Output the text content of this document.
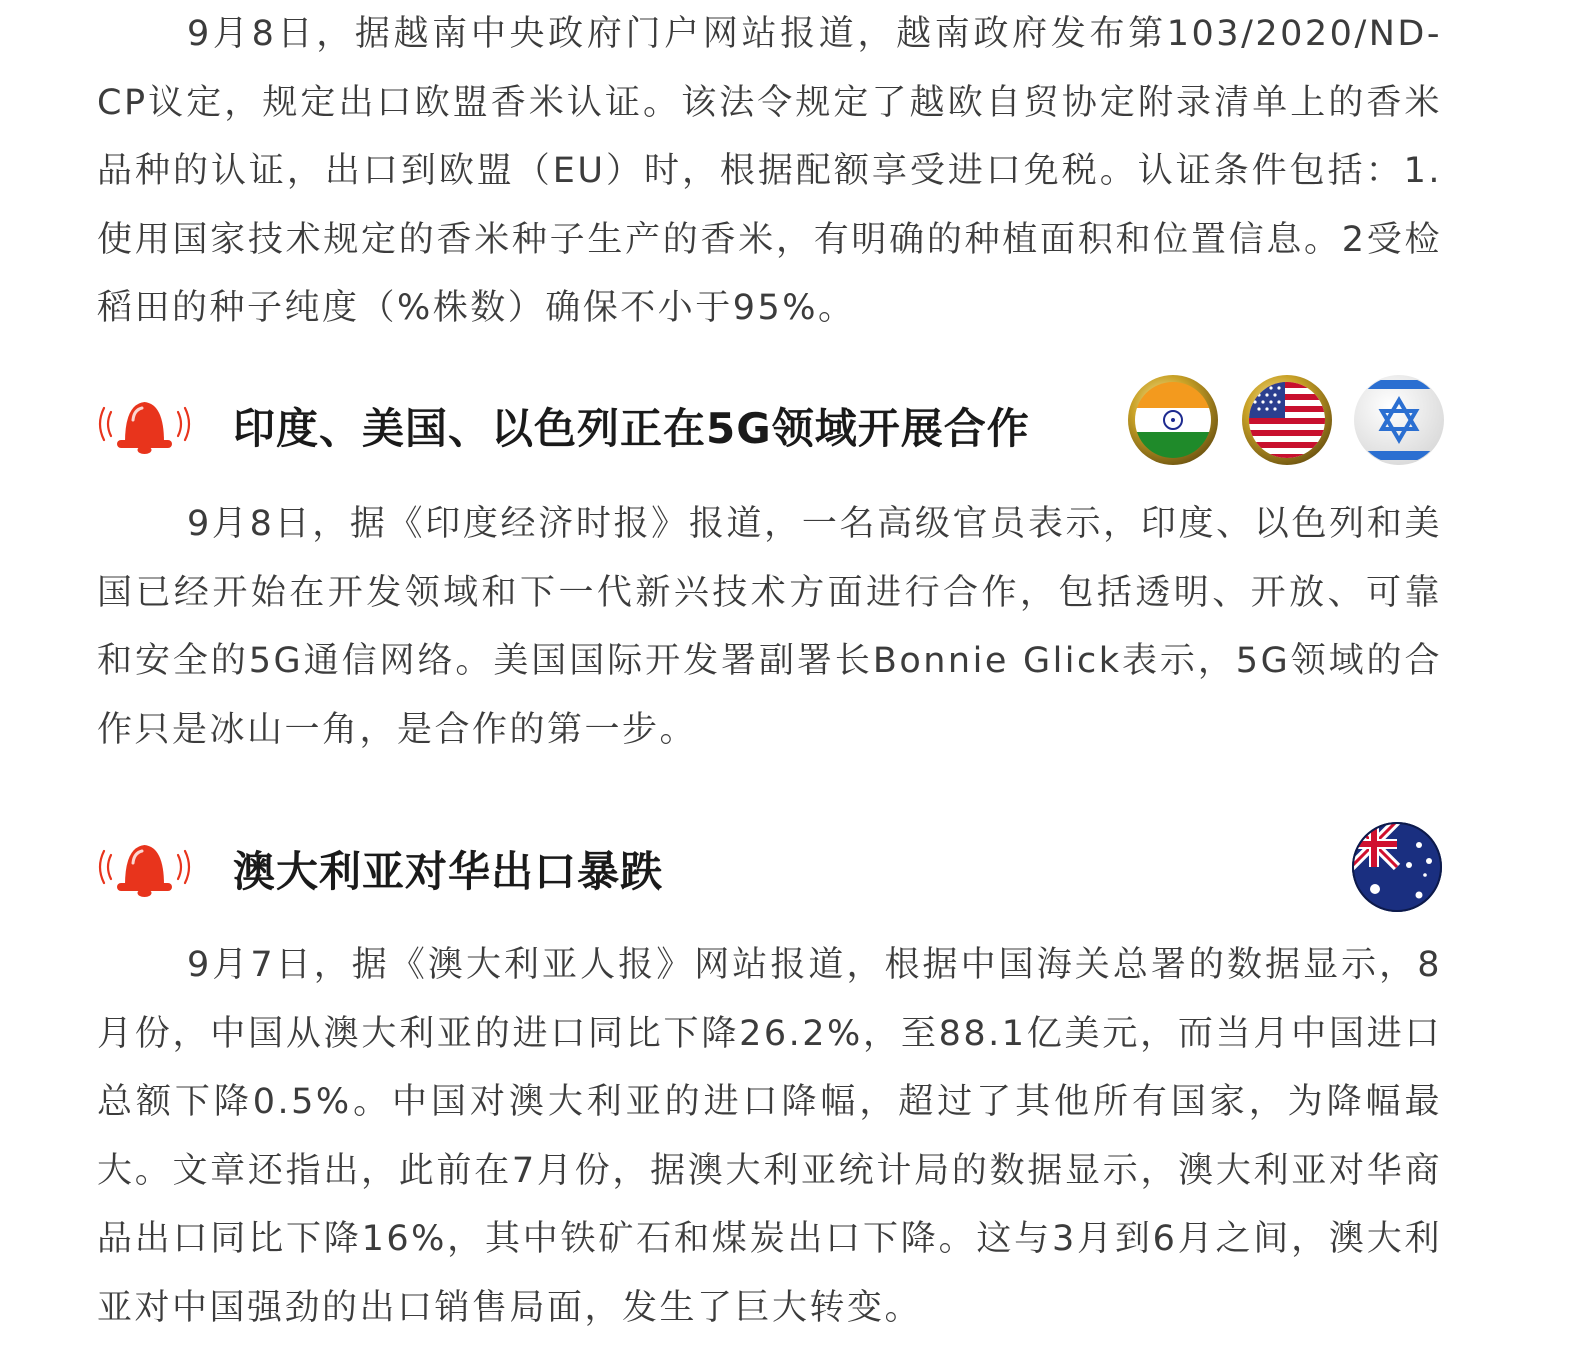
9月8日，据越南中央政府门户网站报道，越南政府发布第103/2020/ND-CP议定，规定出口欧盟香米认证。该法令规定了越欧自贸协定附录清单上的香米品种的认证，出口到欧盟（EU）时，根据配额享受进口免税。认证条件包括：1.使用国家技术规定的香米种子生产的香米，有明确的种植面积和位置信息。2受检稻田的种子纯度（%株数）确保不小于95%。

印度、美国、以色列正在5G领域开展合作

9月8日，据《印度经济时报》报道，一名高级官员表示，印度、以色列和美国已经开始在开发领域和下一代新兴技术方面进行合作，包括透明、开放、可靠和安全的5G通信网络。美国国际开发署副署长Bonnie Glick表示，5G领域的合作只是冰山一角，是合作的第一步。

澳大利亚对华出口暴跌

9月7日，据《澳大利亚人报》网站报道，根据中国海关总署的数据显示，8月份，中国从澳大利亚的进口同比下降26.2%，至88.1亿美元，而当月中国进口总额下降0.5%。中国对澳大利亚的进口降幅，超过了其他所有国家，为降幅最大。文章还指出，此前在7月份，据澳大利亚统计局的数据显示，澳大利亚对华商品出口同比下降16%，其中铁矿石和煤炭出口下降。这与3月到6月之间，澳大利亚对中国强劲的出口销售局面，发生了巨大转变。
